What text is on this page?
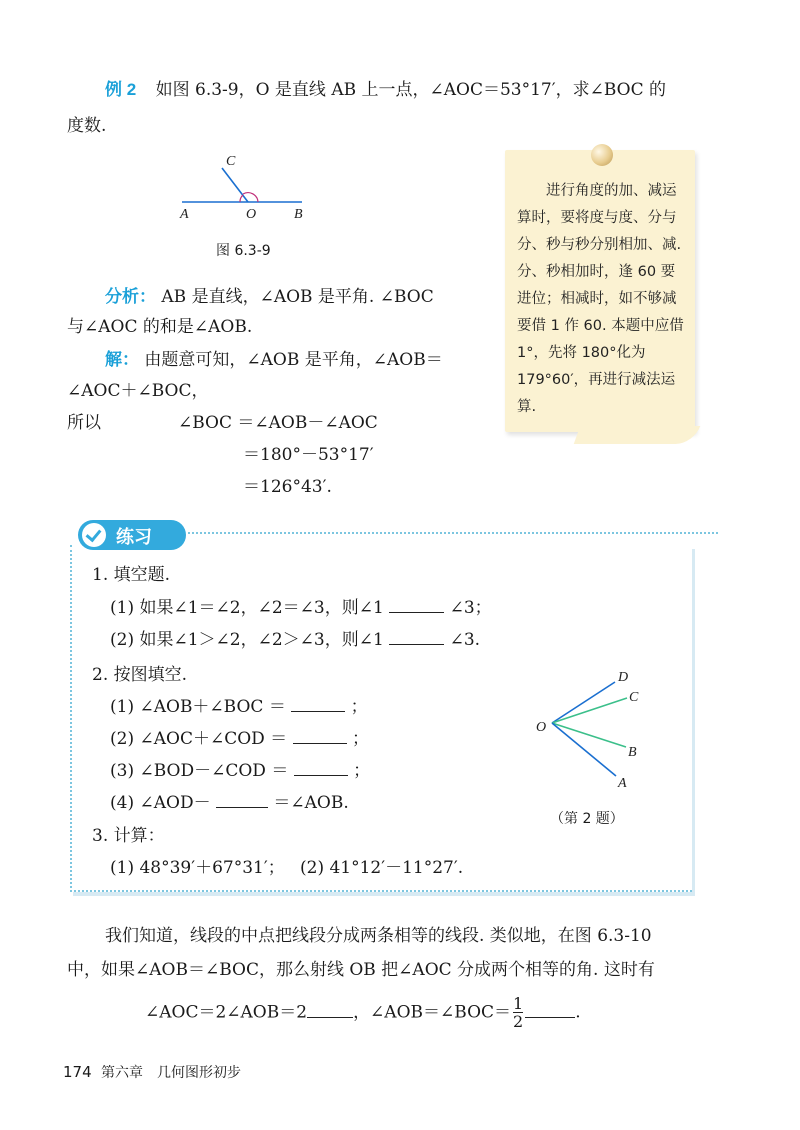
例 2 如图 6.3-9，O 是直线 AB 上一点，∠AOC＝53°17′，求∠BOC 的
度数.
C
A	O	B
图 6.3-9
分析： AB 是直线，∠AOB 是平角. ∠BOC
与∠AOC 的和是∠AOB.
解： 由题意可知，∠AOB 是平角，∠AOB＝
∠AOC＋∠BOC，
所以	∠BOC ＝∠AOB－∠AOC
＝180°－53°17′
＝126°43′.
进行角度的加、减运算时，要将度与度、分与分、秒与秒分别相加、减. 分、秒相加时，逢 60 要进位；相减时，如不够减要借 1 作 60. 本题中应借 1°，先将 180°化为 179°60′，再进行减法运算.
练习
1. 填空题.
(1) 如果∠1＝∠2，∠2＝∠3，则∠1	∠3；
(2) 如果∠1＞∠2，∠2＞∠3，则∠1	∠3.
2. 按图填空.
(1) ∠AOB＋∠BOC ＝	；
(2) ∠AOC＋∠COD ＝	；
(3) ∠BOD－∠COD ＝	；
(4) ∠AOD－	＝∠AOB.
3. 计算：
(1) 48°39′＋67°31′； (2) 41°12′－11°27′.
O
D
C
B
A
（第 2 题）
我们知道，线段的中点把线段分成两条相等的线段. 类似地，在图 6.3-10
中，如果∠AOB＝∠BOC，那么射线 OB 把∠AOC 分成两个相等的角. 这时有
∠AOC＝2∠AOB＝2	，∠AOB＝∠BOC＝ $\frac{1}{2}$	.
174 第六章　几何图形初步
